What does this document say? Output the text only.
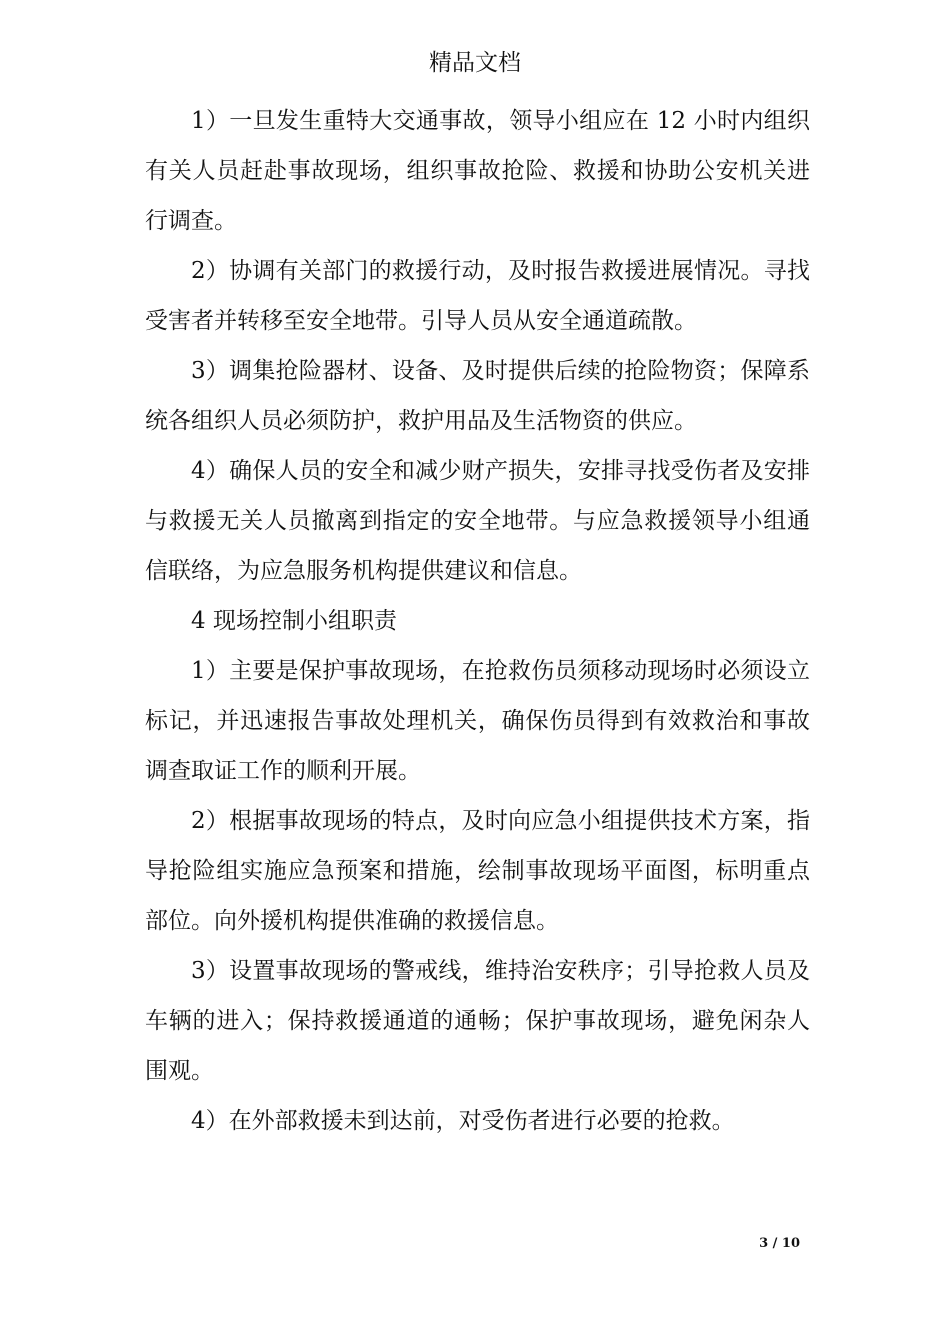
精品文档

1）一旦发生重特大交通事故，领导小组应在 12 小时内组织有关人员赶赴事故现场，组织事故抢险、救援和协助公安机关进行调查。

2）协调有关部门的救援行动，及时报告救援进展情况。寻找受害者并转移至安全地带。引导人员从安全通道疏散。

3）调集抢险器材、设备、及时提供后续的抢险物资；保障系统各组织人员必须防护，救护用品及生活物资的供应。

4）确保人员的安全和减少财产损失，安排寻找受伤者及安排与救援无关人员撤离到指定的安全地带。与应急救援领导小组通信联络，为应急服务机构提供建议和信息。

4 现场控制小组职责

1）主要是保护事故现场，在抢救伤员须移动现场时必须设立标记，并迅速报告事故处理机关，确保伤员得到有效救治和事故调查取证工作的顺利开展。

2）根据事故现场的特点，及时向应急小组提供技术方案，指导抢险组实施应急预案和措施，绘制事故现场平面图，标明重点部位。向外援机构提供准确的救援信息。

3）设置事故现场的警戒线，维持治安秩序；引导抢救人员及车辆的进入；保持救援通道的通畅；保护事故现场，避免闲杂人围观。

4）在外部救援未到达前，对受伤者进行必要的抢救。

3 / 10
